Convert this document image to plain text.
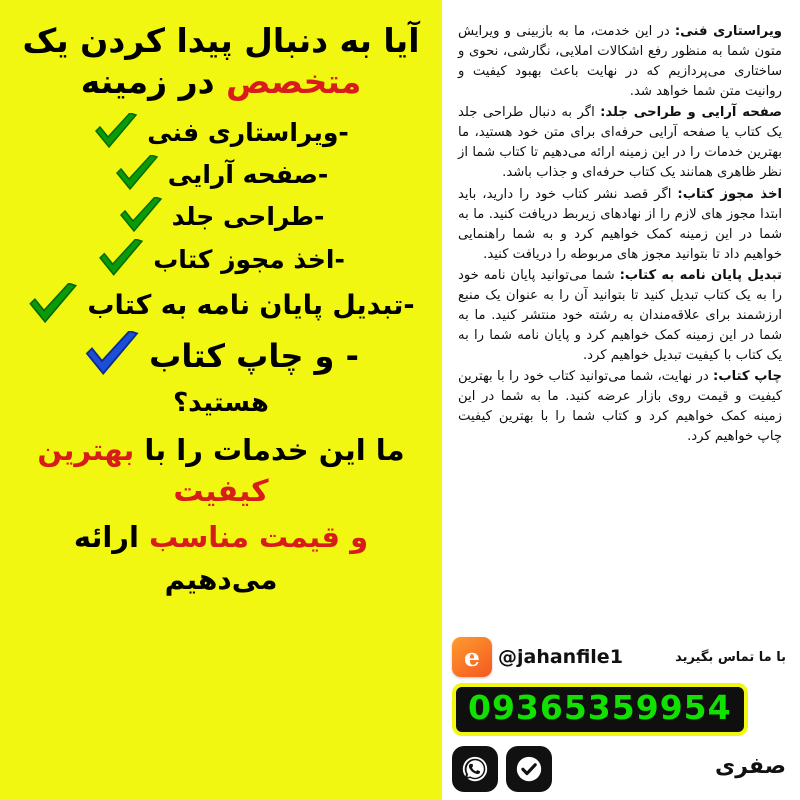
آیا به دنبال پیدا کردن یک
متخصص در زمینه
-ویراستاری فنی
-صفحه آرایی
-طراحی جلد
-اخذ مجوز کتاب
-تبدیل پایان نامه به کتاب
- و چاپ کتاب
هستید؟
ما این خدمات را با بهترین
کیفیت
و قیمت مناسب ارائه
می‌دهیم

ویراستاری فنی: در این خدمت، ما به بازبینی و ویرایش متون شما به منظور رفع اشکالات املایی، نگارشی، نحوی و ساختاری می‌پردازیم که در نهایت باعث بهبود کیفیت و روانیت متن شما خواهد شد.

صفحه آرایی و طراحی جلد: اگر به دنبال طراحی جلد یک کتاب یا صفحه آرایی حرفه‌ای برای متن خود هستید، ما بهترین خدمات را در این زمینه ارائه می‌دهیم تا کتاب شما از نظر ظاهری همانند یک کتاب حرفه‌ای و جذاب باشد.

اخذ مجوز کتاب: اگر قصد نشر کتاب خود را دارید، باید ابتدا مجوز های لازم را از نهادهای زیربط دریافت کنید. ما به شما در این زمینه کمک خواهیم کرد و به شما راهنمایی خواهیم داد تا بتوانید مجوز های مربوطه را دریافت کنید.

تبدیل پایان نامه به کتاب: شما می‌توانید پایان نامه خود را به یک کتاب تبدیل کنید تا بتوانید آن را به عنوان یک منبع ارزشمند برای علاقه‌مندان به رشته خود منتشر کنید. ما به شما در این زمینه کمک خواهیم کرد و پایان نامه شما را به یک کتاب با کیفیت تبدیل خواهیم کرد.

چاپ کتاب: در نهایت، شما می‌توانید کتاب خود را با بهترین کیفیت و قیمت روی بازار عرضه کنید. ما به شما در این زمینه کمک خواهیم کرد و کتاب شما را با بهترین کیفیت چاپ خواهیم کرد.

e @jahanfile1	با ما تماس بگیرید
09365359954
صفری
